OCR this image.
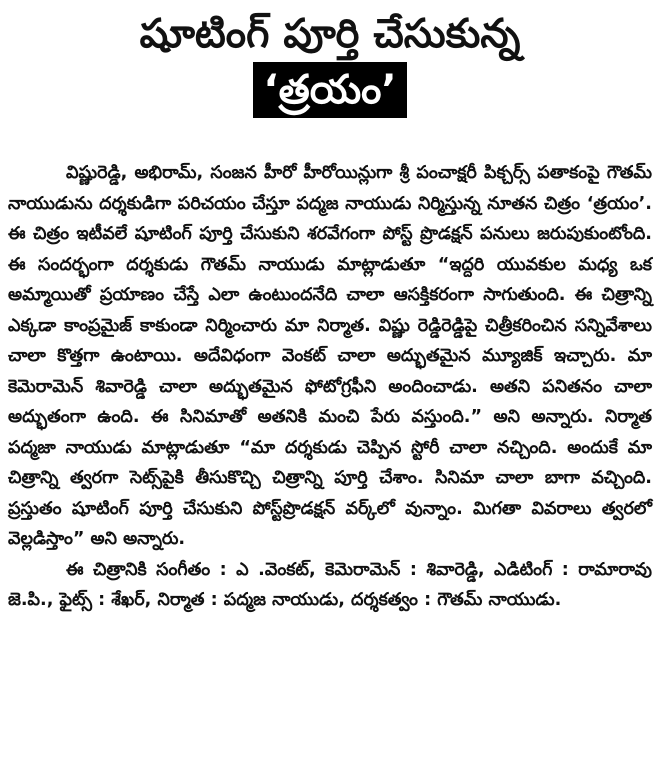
షూటింగ్ పూర్తి చేసుకున్న
‘త్రయం’

విష్ణురెడ్డి, అభిరామ్, సంజన హీరో హీరోయిన్లుగా శ్రీ పంచాక్షరీ పిక్చర్స్ పతాకంపై గౌతమ్ నాయుడును దర్శకుడిగా పరిచయం చేస్తూ పద్మజ నాయుడు నిర్మిస్తున్న నూతన చిత్రం ‘త్రయం’. ఈ చిత్రం ఇటీవలే షూటింగ్ పూర్తి చేసుకుని శరవేగంగా పోస్ట్ ప్రొడక్షన్ పనులు జరుపుకుంటోంది. ఈ సందర్భంగా దర్శకుడు గౌతమ్ నాయుడు మాట్లాడుతూ “ఇద్దరి యువకుల మధ్య ఒక అమ్మాయితో ప్రయాణం చేస్తే ఎలా ఉంటుందనేది చాలా ఆసక్తికరంగా సాగుతుంది. ఈ చిత్రాన్ని ఎక్కడా కాంప్రమైజ్ కాకుండా నిర్మించారు మా నిర్మాత. విష్ణు రెడ్డిరెడ్డిపై చిత్రీకరించిన సన్నివేశాలు చాలా కొత్తగా ఉంటాయి. అదేవిధంగా వెంకట్ చాలా అద్భుతమైన మ్యూజిక్ ఇచ్చారు. మా కెమెరామెన్ శివారెడ్డి చాలా అద్భుతమైన ఫోటోగ్రఫీని అందించాడు. అతని పనితనం చాలా అద్భుతంగా ఉంది. ఈ సినిమాతో అతనికి మంచి పేరు వస్తుంది.” అని అన్నారు. నిర్మాత పద్మజా నాయుడు మాట్లాడుతూ “మా దర్శకుడు చెప్పిన స్టోరీ చాలా నచ్చింది. అందుకే మా చిత్రాన్ని త్వరగా సెట్స్‌పైకి తీసుకొచ్చి చిత్రాన్ని పూర్తి చేశాం. సినిమా చాలా బాగా వచ్చింది. ప్రస్తుతం షూటింగ్ పూర్తి చేసుకుని పోస్ట్‌ప్రొడక్షన్ వర్క్‌లో వున్నాం. మిగతా వివరాలు త్వరలో వెల్లడిస్తాం” అని అన్నారు.

ఈ చిత్రానికి సంగీతం : ఎ .వెంకట్, కెమెరామెన్ : శివారెడ్డి, ఎడిటింగ్ : రామారావు జె.పి., ఫైట్స్ : శేఖర్, నిర్మాత : పద్మజ నాయుడు, దర్శకత్వం : గౌతమ్ నాయుడు.
